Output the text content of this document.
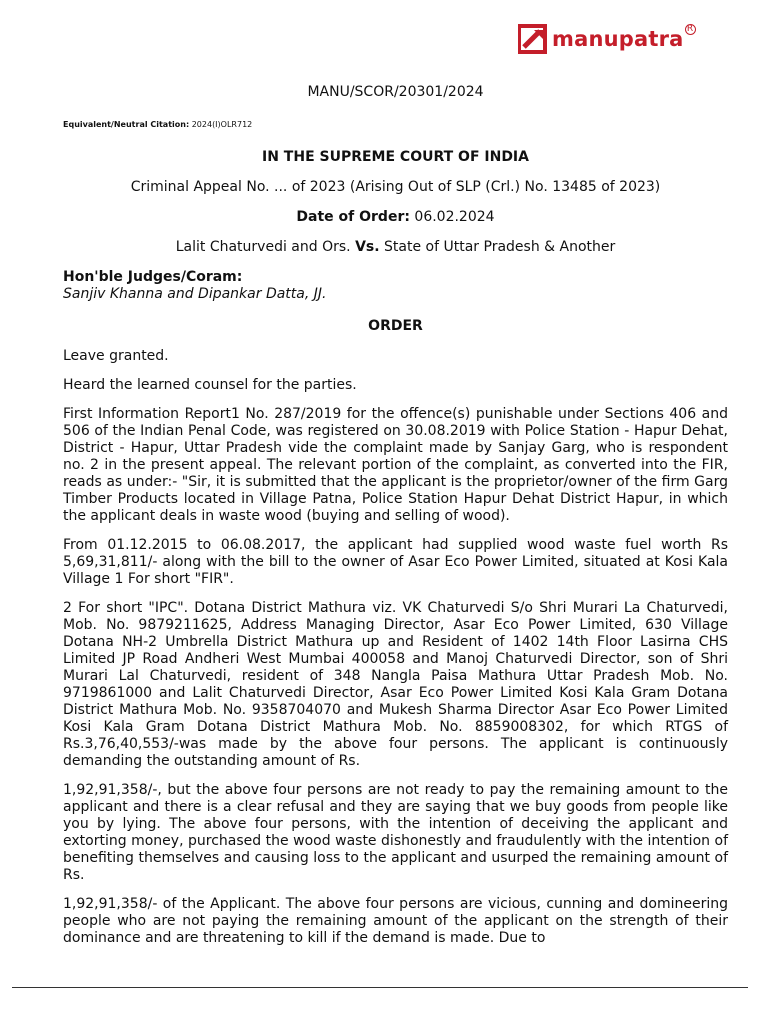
manupatra R
MANU/SCOR/20301/2024
Equivalent/Neutral Citation: 2024(I)OLR712
IN THE SUPREME COURT OF INDIA
Criminal Appeal No. ... of 2023 (Arising Out of SLP (Crl.) No. 13485 of 2023)
Date of Order: 06.02.2024
Lalit Chaturvedi and Ors. Vs. State of Uttar Pradesh & Another
Hon'ble Judges/Coram:
Sanjiv Khanna and Dipankar Datta, JJ.
ORDER

Leave granted.

Heard the learned counsel for the parties.

First Information Report1 No. 287/2019 for the offence(s) punishable under Sections 406 and 506 of the Indian Penal Code, was registered on 30.08.2019 with Police Station - Hapur Dehat, District - Hapur, Uttar Pradesh vide the complaint made by Sanjay Garg, who is respondent no. 2 in the present appeal. The relevant portion of the complaint, as converted into the FIR, reads as under:- "Sir, it is submitted that the applicant is the proprietor/owner of the firm Garg Timber Products located in Village Patna, Police Station Hapur Dehat District Hapur, in which the applicant deals in waste wood (buying and selling of wood).

From 01.12.2015 to 06.08.2017, the applicant had supplied wood waste fuel worth Rs 5,69,31,811/- along with the bill to the owner of Asar Eco Power Limited, situated at Kosi Kala Village 1 For short "FIR".

2 For short "IPC". Dotana District Mathura viz. VK Chaturvedi S/o Shri Murari La Chaturvedi, Mob. No. 9879211625, Address Managing Director, Asar Eco Power Limited, 630 Village Dotana NH-2 Umbrella District Mathura up and Resident of 1402 14th Floor Lasirna CHS Limited JP Road Andheri West Mumbai 400058 and Manoj Chaturvedi Director, son of Shri Murari Lal Chaturvedi, resident of 348 Nangla Paisa Mathura Uttar Pradesh Mob. No. 9719861000 and Lalit Chaturvedi Director, Asar Eco Power Limited Kosi Kala Gram Dotana District Mathura Mob. No. 9358704070 and Mukesh Sharma Director Asar Eco Power Limited Kosi Kala Gram Dotana District Mathura Mob. No. 8859008302, for which RTGS of Rs.3,76,40,553/-was made by the above four persons. The applicant is continuously demanding the outstanding amount of Rs.

1,92,91,358/-, but the above four persons are not ready to pay the remaining amount to the applicant and there is a clear refusal and they are saying that we buy goods from people like you by lying. The above four persons, with the intention of deceiving the applicant and extorting money, purchased the wood waste dishonestly and fraudulently with the intention of benefiting themselves and causing loss to the applicant and usurped the remaining amount of Rs.

1,92,91,358/- of the Applicant. The above four persons are vicious, cunning and domineering people who are not paying the remaining amount of the applicant on the strength of their dominance and are threatening to kill if the demand is made. Due to
